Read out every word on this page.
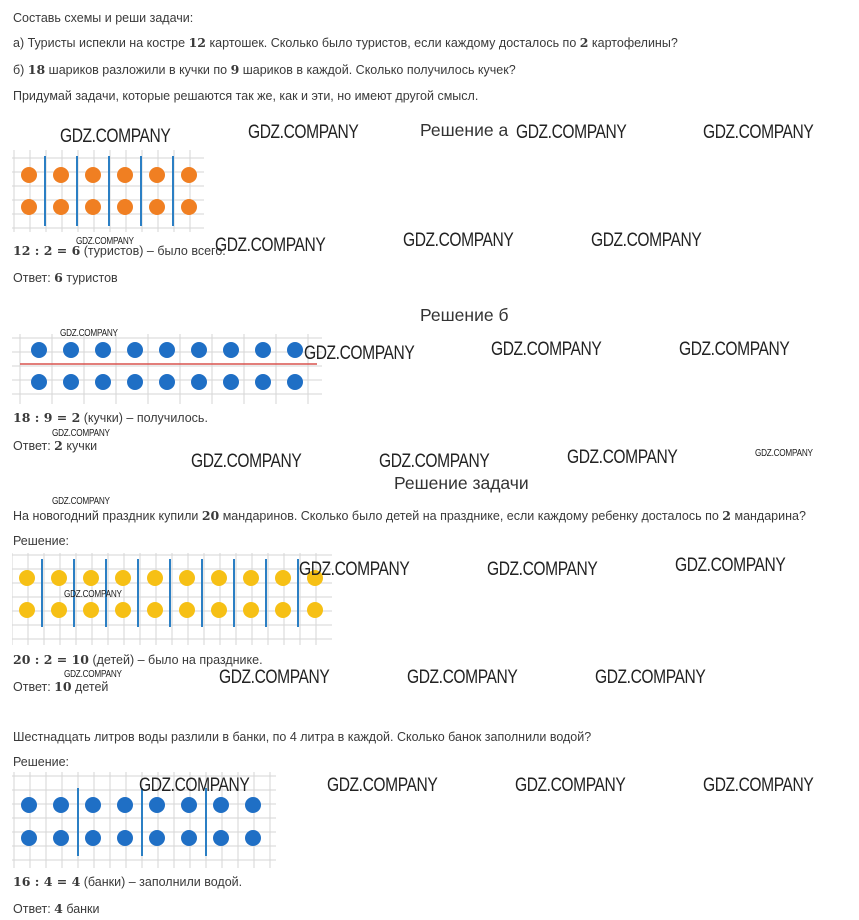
Составь схемы и реши задачи:
а) Туристы испекли на костре 12 картошек. Сколько было туристов, если каждому досталось по 2 картофелины?
б) 18 шариков разложили в кучки по 9 шариков в каждой. Сколько получилось кучек?
Придумай задачи, которые решаются так же, как и эти, но имеют другой смысл.
Решение а
12 : 2 = 6 (туристов) – было всего.
Ответ: 6 туристов
Решение б
18 : 9 = 2 (кучки) – получилось.
Ответ: 2 кучки
Решение задачи
На новогодний праздник купили 20 мандаринов. Сколько было детей на празднике, если каждому ребенку досталось по 2 мандарина?
Решение:
20 : 2 = 10 (детей) – было на празднике.
Ответ: 10 детей
Шестнадцать литров воды разлили в банки, по 4 литра в каждой. Сколько банок заполнили водой?
Решение:
16 : 4 = 4 (банки) – заполнили водой.
Ответ: 4 банки
GDZ.COMPANY	GDZ.COMPANY	GDZ.COMPANY	GDZ.COMPANY
GDZ.COMPANY	GDZ.COMPANY	GDZ.COMPANY	GDZ.COMPANY
GDZ.COMPANY
GDZ.COMPANY	GDZ.COMPANY	GDZ.COMPANY
GDZ.COMPANY
GDZ.COMPANY	GDZ.COMPANY	GDZ.COMPANY	GDZ.COMPANY
GDZ.COMPANY
GDZ.COMPANY	GDZ.COMPANY	GDZ.COMPANY
GDZ.COMPANY
GDZ.COMPANY	GDZ.COMPANY	GDZ.COMPANY	GDZ.COMPANY
GDZ.COMPANY	GDZ.COMPANY	GDZ.COMPANY	GDZ.COMPANY
